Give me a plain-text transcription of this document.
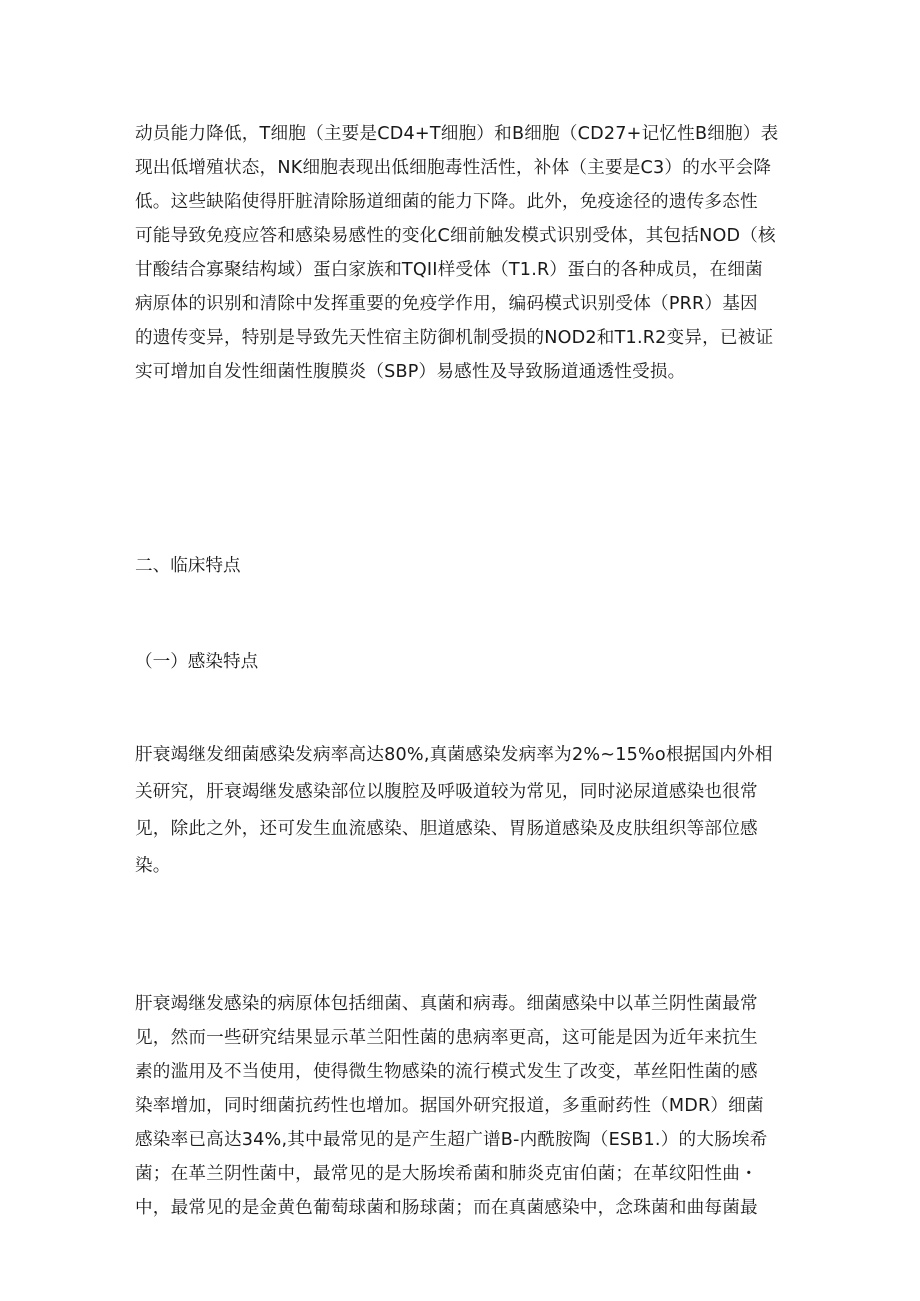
动员能力降低，T细胞（主要是CD4+T细胞）和B细胞（CD27+记忆性B细胞）表
现出低增殖状态，NK细胞表现出低细胞毒性活性，补体（主要是C3）的水平会降
低。这些缺陷使得肝脏清除肠道细菌的能力下降。此外，免疫途径的遗传多态性
可能导致免疫应答和感染易感性的变化C细前触发模式识别受体，其包括NOD（核
甘酸结合寡聚结构域）蛋白家族和TQII样受体（T1.R）蛋白的各种成员，在细菌
病原体的识别和清除中发挥重要的免疫学作用，编码模式识别受体（PRR）基因
的遗传变异，特别是导致先天性宿主防御机制受损的NOD2和T1.R2变异，已被证
实可增加自发性细菌性腹膜炎（SBP）易感性及导致肠道通透性受损。
二、临床特点
（一）感染特点
肝衰竭继发细菌感染发病率高达80%,真菌感染发病率为2%~15%o根据国内外相
关研究，肝衰竭继发感染部位以腹腔及呼吸道较为常见，同时泌尿道感染也很常
见，除此之外，还可发生血流感染、胆道感染、胃肠道感染及皮肤组织等部位感
染。
肝衰竭继发感染的病原体包括细菌、真菌和病毒。细菌感染中以革兰阴性菌最常
见，然而一些研究结果显示革兰阳性菌的患病率更高，这可能是因为近年来抗生
素的滥用及不当使用，使得微生物感染的流行模式发生了改变，革丝阳性菌的感
染率增加，同时细菌抗药性也增加。据国外研究报道，多重耐药性（MDR）细菌
感染率已高达34%,其中最常见的是产生超广谱B-内酰胺陶（ESB1.）的大肠埃希
菌；在革兰阴性菌中，最常见的是大肠埃希菌和肺炎克宙伯菌；在革纹阳性曲・
中，最常见的是金黄色葡萄球菌和肠球菌；而在真菌感染中，念珠菌和曲每菌最
